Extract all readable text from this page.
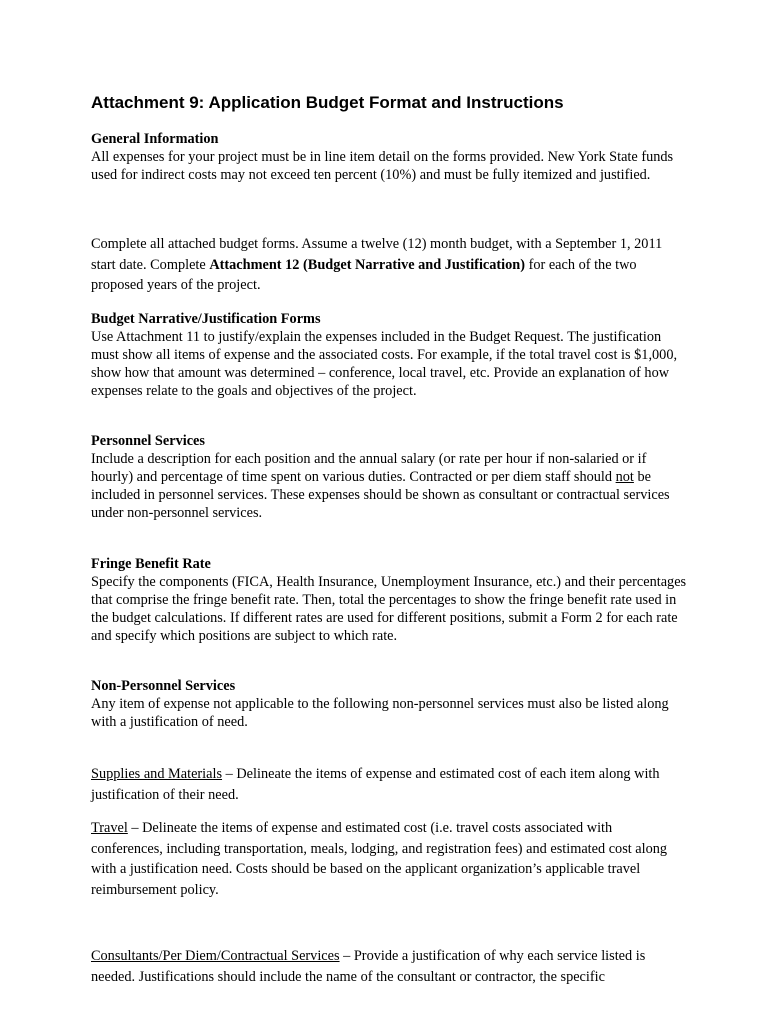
Attachment 9: Application Budget Format and Instructions
General Information

All expenses for your project must be in line item detail on the forms provided. New York State funds used for indirect costs may not exceed ten percent (10%) and must be fully itemized and justified.

Complete all attached budget forms. Assume a twelve (12) month budget, with a September 1, 2011 start date. Complete Attachment 12 (Budget Narrative and Justification) for each of the two proposed years of the project.

Budget Narrative/Justification Forms

Use Attachment 11 to justify/explain the expenses included in the Budget Request. The justification must show all items of expense and the associated costs. For example, if the total travel cost is $1,000, show how that amount was determined – conference, local travel, etc. Provide an explanation of how expenses relate to the goals and objectives of the project.

Personnel Services

Include a description for each position and the annual salary (or rate per hour if non-salaried or if hourly) and percentage of time spent on various duties. Contracted or per diem staff should not be included in personnel services. These expenses should be shown as consultant or contractual services under non-personnel services.

Fringe Benefit Rate

Specify the components (FICA, Health Insurance, Unemployment Insurance, etc.) and their percentages that comprise the fringe benefit rate. Then, total the percentages to show the fringe benefit rate used in the budget calculations. If different rates are used for different positions, submit a Form 2 for each rate and specify which positions are subject to which rate.

Non-Personnel Services

Any item of expense not applicable to the following non-personnel services must also be listed along with a justification of need.

Supplies and Materials – Delineate the items of expense and estimated cost of each item along with justification of their need.

Travel – Delineate the items of expense and estimated cost (i.e. travel costs associated with conferences, including transportation, meals, lodging, and registration fees) and estimated cost along with a justification need. Costs should be based on the applicant organization’s applicable travel reimbursement policy.

Consultants/Per Diem/Contractual Services – Provide a justification of why each service listed is needed. Justifications should include the name of the consultant or contractor, the specific
